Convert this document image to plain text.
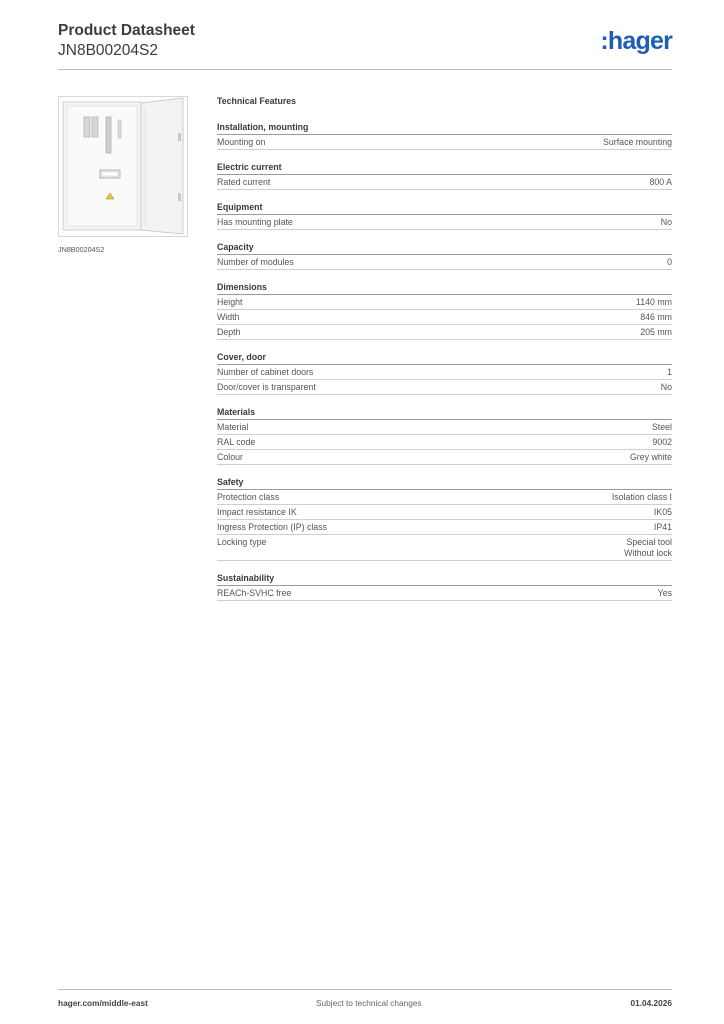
Product Datasheet
JN8B00204S2	:hager
JN8B00204S2
Technical Features
Installation, mounting
Mounting on	Surface mounting
Electric current
Rated current	800 A
Equipment
Has mounting plate	No
Capacity
Number of modules	0
Dimensions
Height	1140 mm
Width	846 mm
Depth	205 mm
Cover, door
Number of cabinet doors	1
Door/cover is transparent	No
Materials
Material	Steel
RAL code	9002
Colour	Grey white
Safety
Protection class	Isolation class I
Impact resistance IK	IK05
Ingress Protection (IP) class	IP41
Locking type	Special tool
Without lock
Sustainability
REACh-SVHC free	Yes
hager.com/middle-east	Subject to technical changes	01.04.2026
